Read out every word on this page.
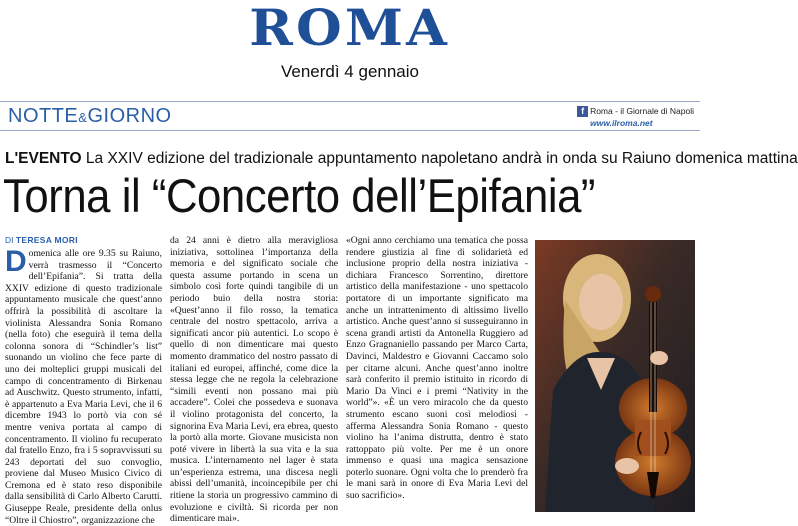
ROMA
Venerdì 4 gennaio
NOTTE&GIORNO	f Roma - il Giornale di Napoli
www.ilroma.net
L'EVENTO La XXIV edizione del tradizionale appuntamento napoletano andrà in onda su Raiuno domenica mattina
Torna il “Concerto dell’Epifania”
DI TERESA MORI
D omenica alle ore 9.35 su Raiuno, verrà trasmesso il “Concerto dell’Epifania”. Si tratta della XXIV edizione di questo tradizionale appuntamento musicale che quest’anno offrirà la possibilità di ascoltare la violinista Alessandra Sonia Romano (nella foto) che eseguirà il tema della colonna sonora di “Schindler’s list” suonando un violino che fece parte di uno dei molteplici gruppi musicali del campo di concentramento di Birkenau ad Auschwitz. Questo strumento, infatti, è appartenuto a Eva Maria Levi, che il 6 dicembre 1943 lo portò via con sé mentre veniva portata al campo di concentramento. Il violino fu recuperato dal fratello Enzo, fra i 5 sopravvissuti su 243 deportati del suo convoglio, proviene dal Museo Musico Civico di Cremona ed è stato reso disponibile dalla sensibilità di Carlo Alberto Carutti. Giuseppe Reale, presidente della onlus “Oltre il Chiostro”, organizzazione che

da 24 anni è dietro alla meravigliosa iniziativa, sottolinea l’importanza della memoria e del significato sociale che questa assume portando in scena un simbolo così forte quindi tangibile di un periodo buio della nostra storia: «Quest’anno il filo rosso, la tematica centrale del nostro spettacolo, arriva a significati ancor più autentici. Lo scopo è quello di non dimenticare mai questo momento drammatico del nostro passato di italiani ed europei, affinché, come dice la stessa legge che ne regola la celebrazione “simili eventi non possano mai più accadere”. Colei che possedeva e suonava il violino protagonista del concerto, la signorina Eva Maria Levi, era ebrea, questo la portò alla morte. Giovane musicista non poté vivere in libertà la sua vita e la sua musica. L’internamento nel lager è stata un’esperienza estrema, una discesa negli abissi dell’umanità, incoincepibile per chi ritiene la storia un progressivo cammino di evoluzione e civiltà. Si ricorda per non dimenticare mai».

«Ogni anno cerchiamo una tematica che possa rendere giustizia al fine di solidarietà ed inclusione proprio della nostra iniziativa - dichiara Francesco Sorrentino, direttore artistico della manifestazione - uno spettacolo portatore di un importante significato ma anche un intrattenimento di altissimo livello artistico. Anche quest’anno si susseguiranno in scena grandi artisti da Antonella Ruggiero ad Enzo Gragnaniello passando per Marco Carta, Davinci, Maldestro e Giovanni Caccamo solo per citarne alcuni. Anche quest’anno inoltre sarà conferito il premio istituito in ricordo di Mario Da Vinci e i premi “Nativity in the world”». «È un vero miracolo che da questo strumento escano suoni così melodiosi - afferma Alessandra Sonia Romano - questo violino ha l’anima distrutta, dentro è stato rattoppato più volte. Per me è un onore immenso e quasi una magica sensazione poterlo suonare. Ogni volta che lo prenderò fra le mani sarà in onore di Eva Maria Levi del suo sacrificio».
